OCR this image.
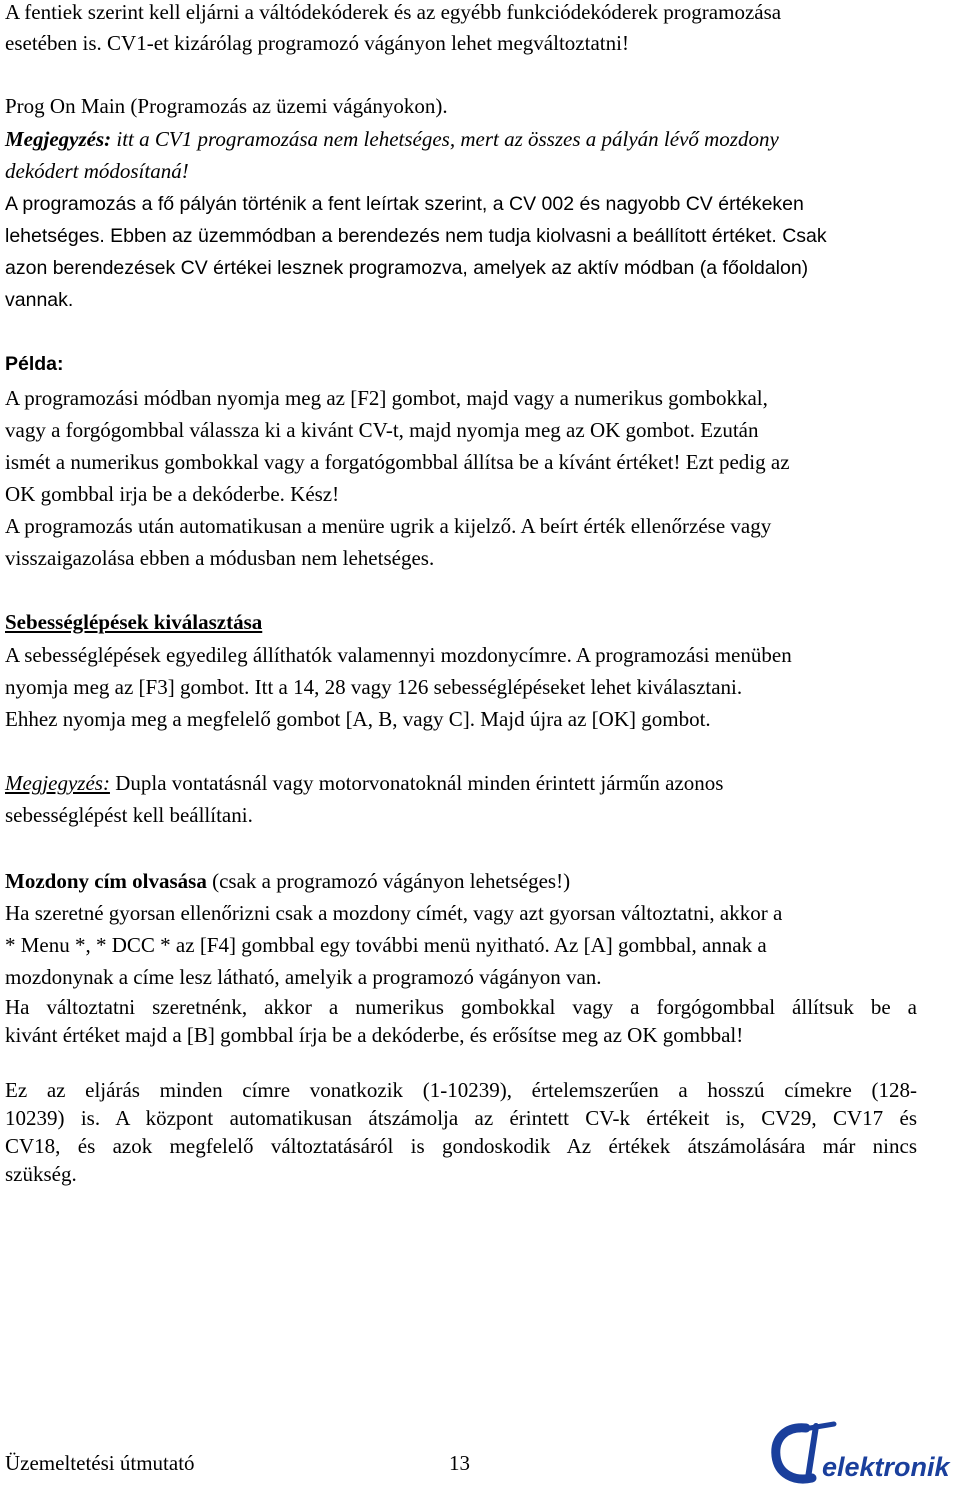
A fentiek szerint kell eljárni a váltódekóderek és az egyébb funkciódekóderek programozása
esetében is. CV1-et kizárólag programozó vágányon lehet megváltoztatni!
Prog On Main (Programozás az üzemi vágányokon).
Megjegyzés: itt a CV1 programozása nem lehetséges, mert az összes a pályán lévő mozdony
dekódert módosítaná!
A programozás a fő pályán történik a fent leírtak szerint, a CV 002 és nagyobb CV értékeken
lehetséges. Ebben az üzemmódban a berendezés nem tudja kiolvasni a beállított értéket. Csak
azon berendezések CV értékei lesznek programozva, amelyek az aktív módban (a főoldalon)
vannak.
Példa:
A programozási módban nyomja meg az [F2] gombot, majd vagy a numerikus gombokkal,
vagy a forgógombbal válassza ki a kivánt CV-t, majd nyomja meg az OK gombot. Ezután
ismét a numerikus gombokkal vagy a forgatógombbal állítsa be a kívánt értéket! Ezt pedig az
OK gombbal irja be a dekóderbe. Kész!
A programozás után automatikusan a menüre ugrik a kijelző. A beírt érték ellenőrzése vagy
visszaigazolása ebben a módusban nem lehetséges.
Sebességlépések kiválasztása
A sebességlépések egyedileg állíthatók valamennyi mozdonycímre. A programozási menüben
nyomja meg az [F3] gombot. Itt a 14, 28 vagy 126 sebességlépéseket lehet kiválasztani.
Ehhez nyomja meg a megfelelő gombot [A, B, vagy C]. Majd újra az [OK] gombot.
Megjegyzés: Dupla vontatásnál vagy motorvonatoknál minden érintett járműn azonos
sebességlépést kell beállítani.
Mozdony cím olvasása (csak a programozó vágányon lehetséges!)
Ha szeretné gyorsan ellenőrizni csak a mozdony címét, vagy azt gyorsan változtatni, akkor a
* Menu *, * DCC * az [F4] gombbal egy további menü nyitható. Az [A] gombbal, annak a
mozdonynak a címe lesz látható, amelyik a programozó vágányon van.
Ha változtatni szeretnénk, akkor a numerikus gombokkal vagy a forgógombbal állítsuk be a
kivánt értéket majd a [B] gombbal írja be a dekóderbe, és erősítse meg az OK gombbal!
Ez az eljárás minden címre vonatkozik (1-10239), értelemszerűen a hosszú címekre (128-
10239) is. A központ automatikusan átszámolja az érintett CV-k értékeit is, CV29, CV17 és
CV18, és azok megfelelő változtatásáról is gondoskodik Az értékek átszámolására már nincs
szükség.
Üzemeltetési útmutató	13	elektronik
